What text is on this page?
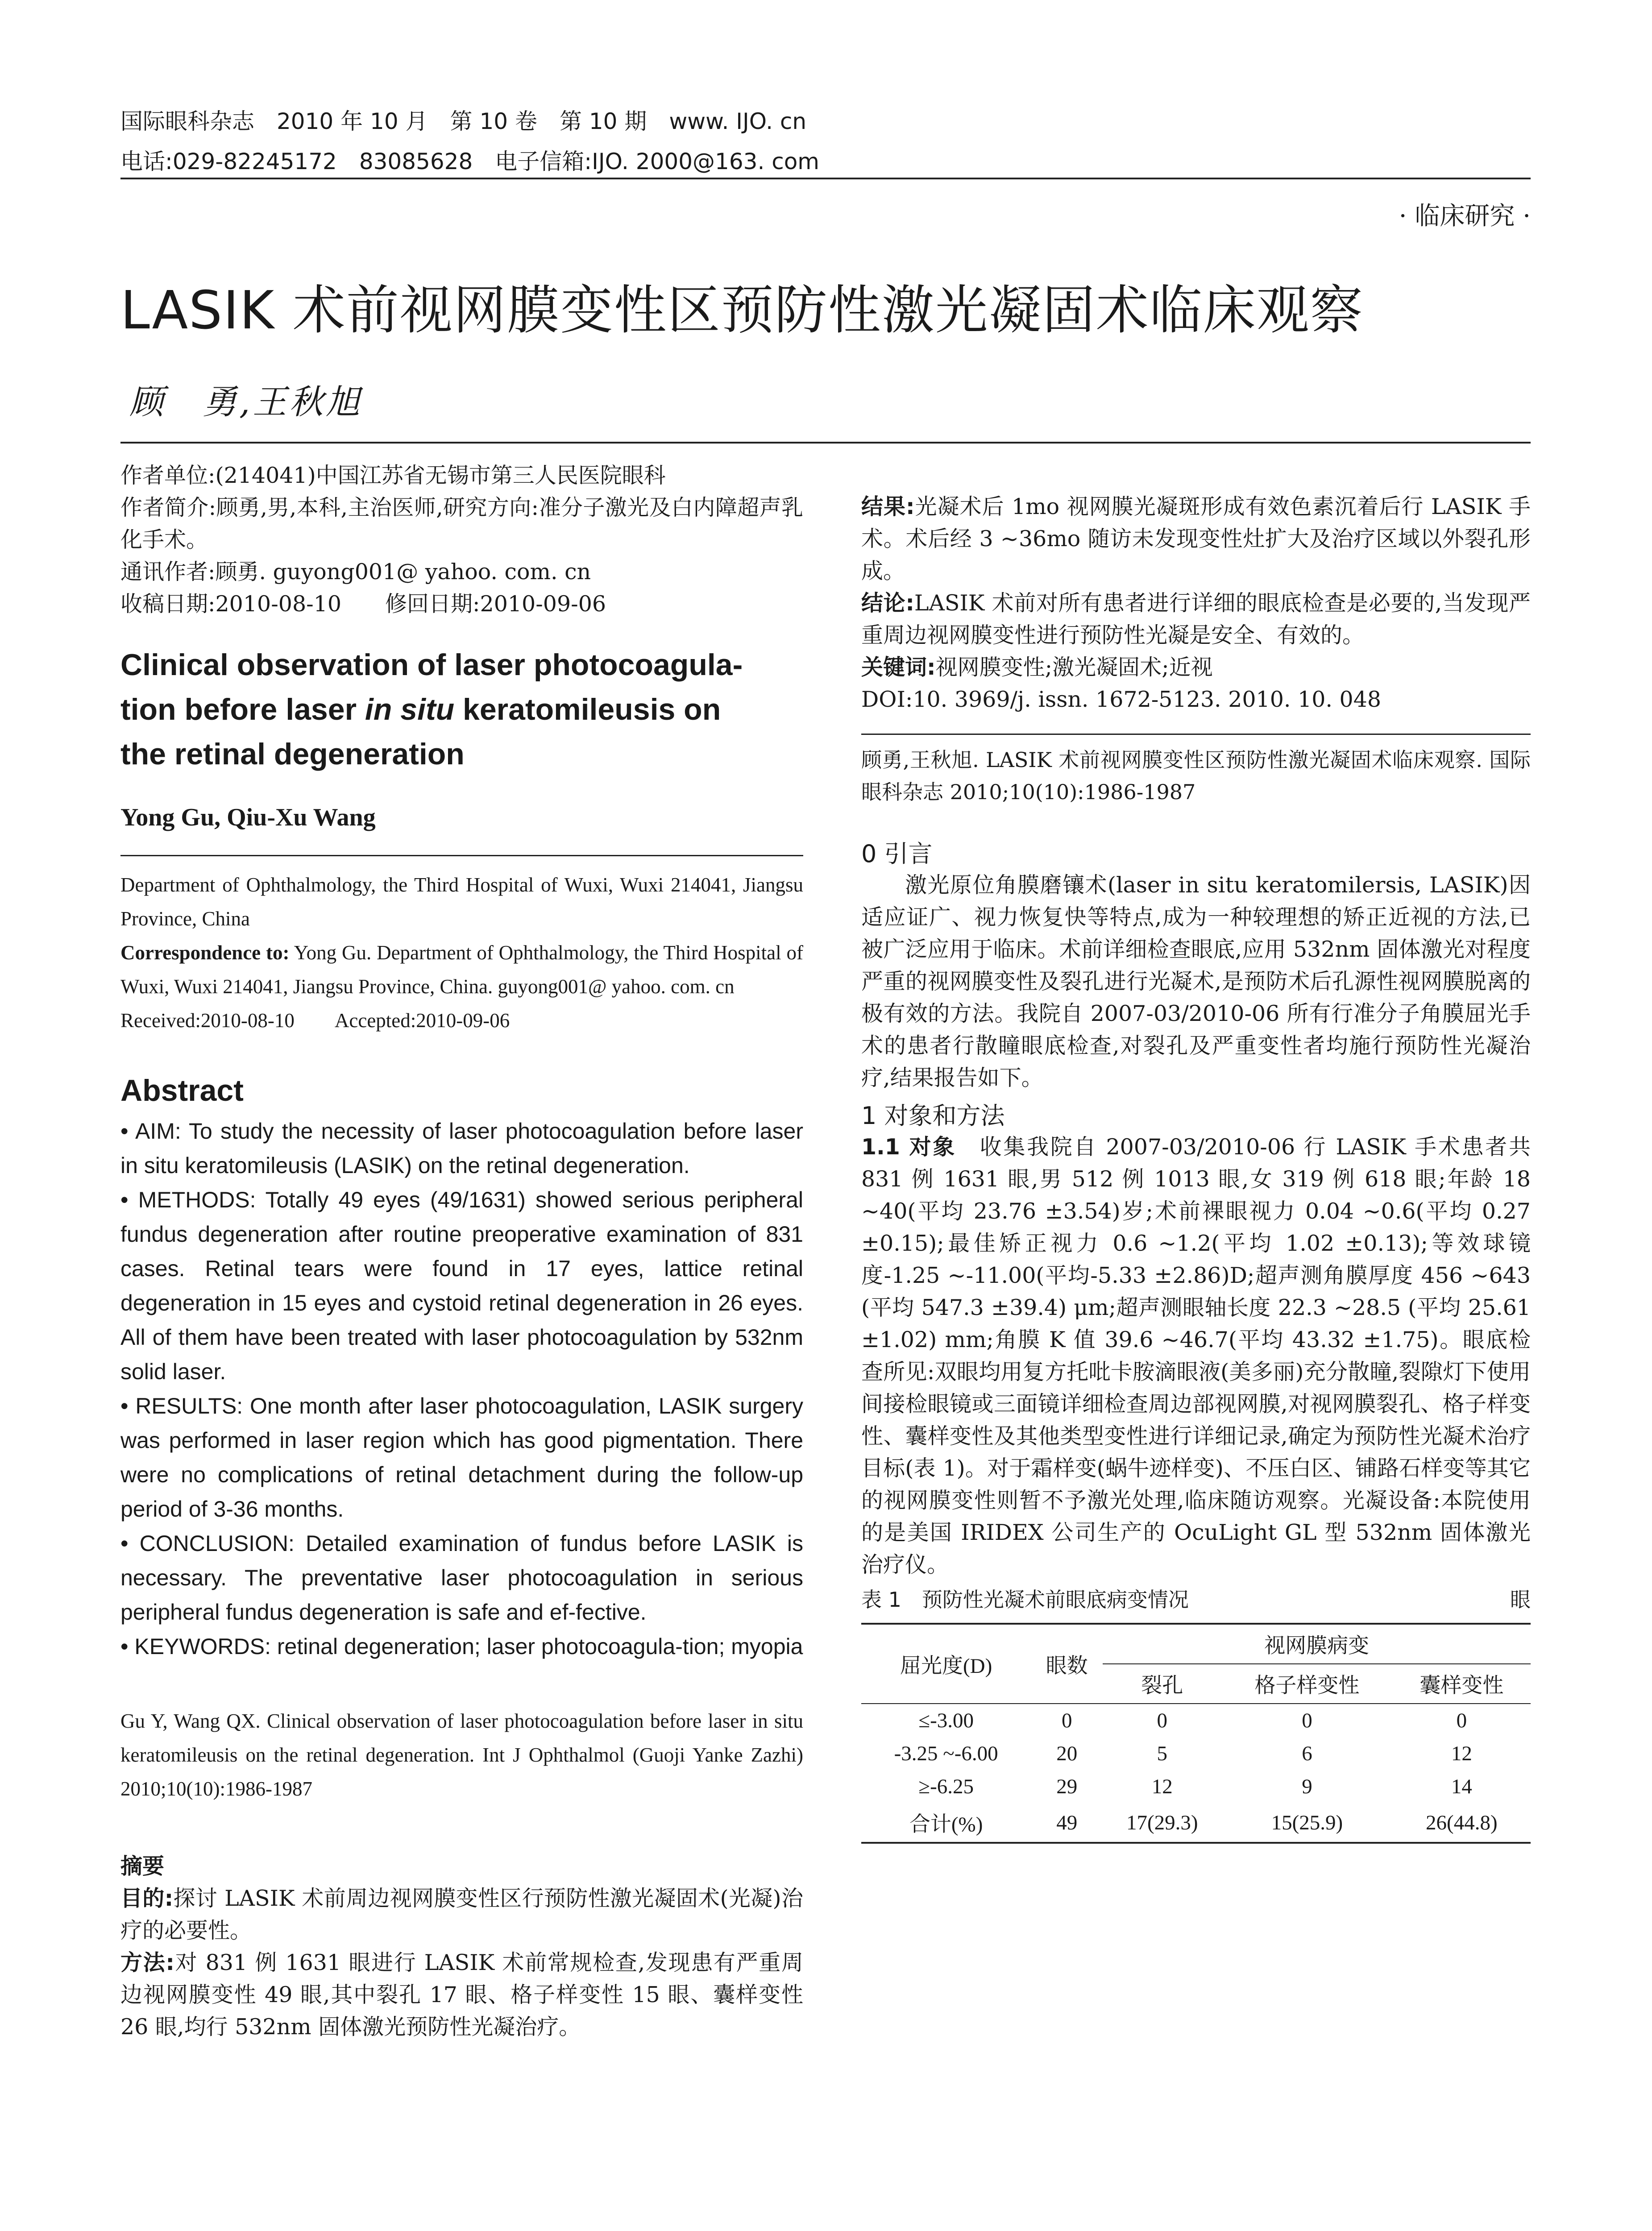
国际眼科杂志　2010 年 10 月　第 10 卷　第 10 期　www. IJO. cn
电话:029-82245172　83085628　电子信箱:IJO. 2000@163. com
· 临床研究 ·
LASIK 术前视网膜变性区预防性激光凝固术临床观察
顾　勇,王秋旭

作者单位:(214041)中国江苏省无锡市第三人民医院眼科

作者简介:顾勇,男,本科,主治医师,研究方向:准分子激光及白内障超声乳化手术。

通讯作者:顾勇. guyong001@ yahoo. com. cn

收稿日期:2010-08-10　　修回日期:2010-09-06

Clinical observation of laser photocoagula-
tion before laser in situ keratomileusis on
the retinal degeneration

Yong Gu, Qiu-Xu Wang

Department of Ophthalmology, the Third Hospital of Wuxi, Wuxi 214041, Jiangsu Province, China

Correspondence to: Yong Gu. Department of Ophthalmology, the Third Hospital of Wuxi, Wuxi 214041, Jiangsu Province, China. guyong001@ yahoo. com. cn

Received:2010-08-10　　Accepted:2010-09-06

Abstract

• AIM: To study the necessity of laser photocoagulation before laser in situ keratomileusis (LASIK) on the retinal degeneration.

• METHODS: Totally 49 eyes (49/1631) showed serious peripheral fundus degeneration after routine preoperative examination of 831 cases. Retinal tears were found in 17 eyes, lattice retinal degeneration in 15 eyes and cystoid retinal degeneration in 26 eyes. All of them have been treated with laser photocoagulation by 532nm solid laser.

• RESULTS: One month after laser photocoagulation, LASIK surgery was performed in laser region which has good pigmentation. There were no complications of retinal detachment during the follow-up period of 3-36 months.

• CONCLUSION: Detailed examination of fundus before LASIK is necessary. The preventative laser photocoagulation in serious peripheral fundus degeneration is safe and ef-fective.

• KEYWORDS: retinal degeneration; laser photocoagula-tion; myopia

Gu Y, Wang QX. Clinical observation of laser photocoagulation before laser in situ keratomileusis on the retinal degeneration. Int J Ophthalmol (Guoji Yanke Zazhi) 2010;10(10):1986-1987

摘要

目的:探讨 LASIK 术前周边视网膜变性区行预防性激光凝固术(光凝)治疗的必要性。

方法:对 831 例 1631 眼进行 LASIK 术前常规检查,发现患有严重周边视网膜变性 49 眼,其中裂孔 17 眼、格子样变性 15 眼、囊样变性 26 眼,均行 532nm 固体激光预防性光凝治疗。

结果:光凝术后 1mo 视网膜光凝斑形成有效色素沉着后行 LASIK 手术。术后经 3 ~36mo 随访未发现变性灶扩大及治疗区域以外裂孔形成。

结论:LASIK 术前对所有患者进行详细的眼底检查是必要的,当发现严重周边视网膜变性进行预防性光凝是安全、有效的。

关键词:视网膜变性;激光凝固术;近视

DOI:10. 3969/j. issn. 1672-5123. 2010. 10. 048

顾勇,王秋旭. LASIK 术前视网膜变性区预防性激光凝固术临床观察. 国际眼科杂志 2010;10(10):1986-1987

0 引言

激光原位角膜磨镶术(laser in situ keratomilersis, LASIK)因适应证广、视力恢复快等特点,成为一种较理想的矫正近视的方法,已被广泛应用于临床。术前详细检查眼底,应用 532nm 固体激光对程度严重的视网膜变性及裂孔进行光凝术,是预防术后孔源性视网膜脱离的极有效的方法。我院自 2007-03/2010-06 所有行准分子角膜屈光手术的患者行散瞳眼底检查,对裂孔及严重变性者均施行预防性光凝治疗,结果报告如下。

1 对象和方法

1.1 对象　 收集我院自 2007-03/2010-06 行 LASIK 手术患者共 831 例 1631 眼,男 512 例 1013 眼,女 319 例 618 眼;年龄 18 ~40(平均 23.76 ±3.54)岁;术前裸眼视力 0.04 ~0.6(平均 0.27 ±0.15);最佳矫正视力 0.6 ~1.2(平均 1.02 ±0.13);等效球镜度-1.25 ~-11.00(平均-5.33 ±2.86)D;超声测角膜厚度 456 ~643 (平均 547.3 ±39.4) μm;超声测眼轴长度 22.3 ~28.5 (平均 25.61 ±1.02) mm;角膜 K 值 39.6 ~46.7(平均 43.32 ±1.75)。眼底检查所见:双眼均用复方托吡卡胺滴眼液(美多丽)充分散瞳,裂隙灯下使用间接检眼镜或三面镜详细检查周边部视网膜,对视网膜裂孔、格子样变性、囊样变性及其他类型变性进行详细记录,确定为预防性光凝术治疗目标(表 1)。对于霜样变(蜗牛迹样变)、不压白区、铺路石样变等其它的视网膜变性则暂不予激光处理,临床随访观察。光凝设备:本院使用的是美国 IRIDEX 公司生产的 OcuLight GL 型 532nm 固体激光治疗仪。

表 1　预防性光凝术前眼底病变情况	眼
屈光度(D)	眼数	视网膜病变		
		裂孔	格子样变性	囊样变性
≤-3.00	0	0	0	0
-3.25 ~-6.00	20	5	6	12
≥-6.25	29	12	9	14
合计(%)	49	17(29.3)	15(25.9)	26(44.8)
